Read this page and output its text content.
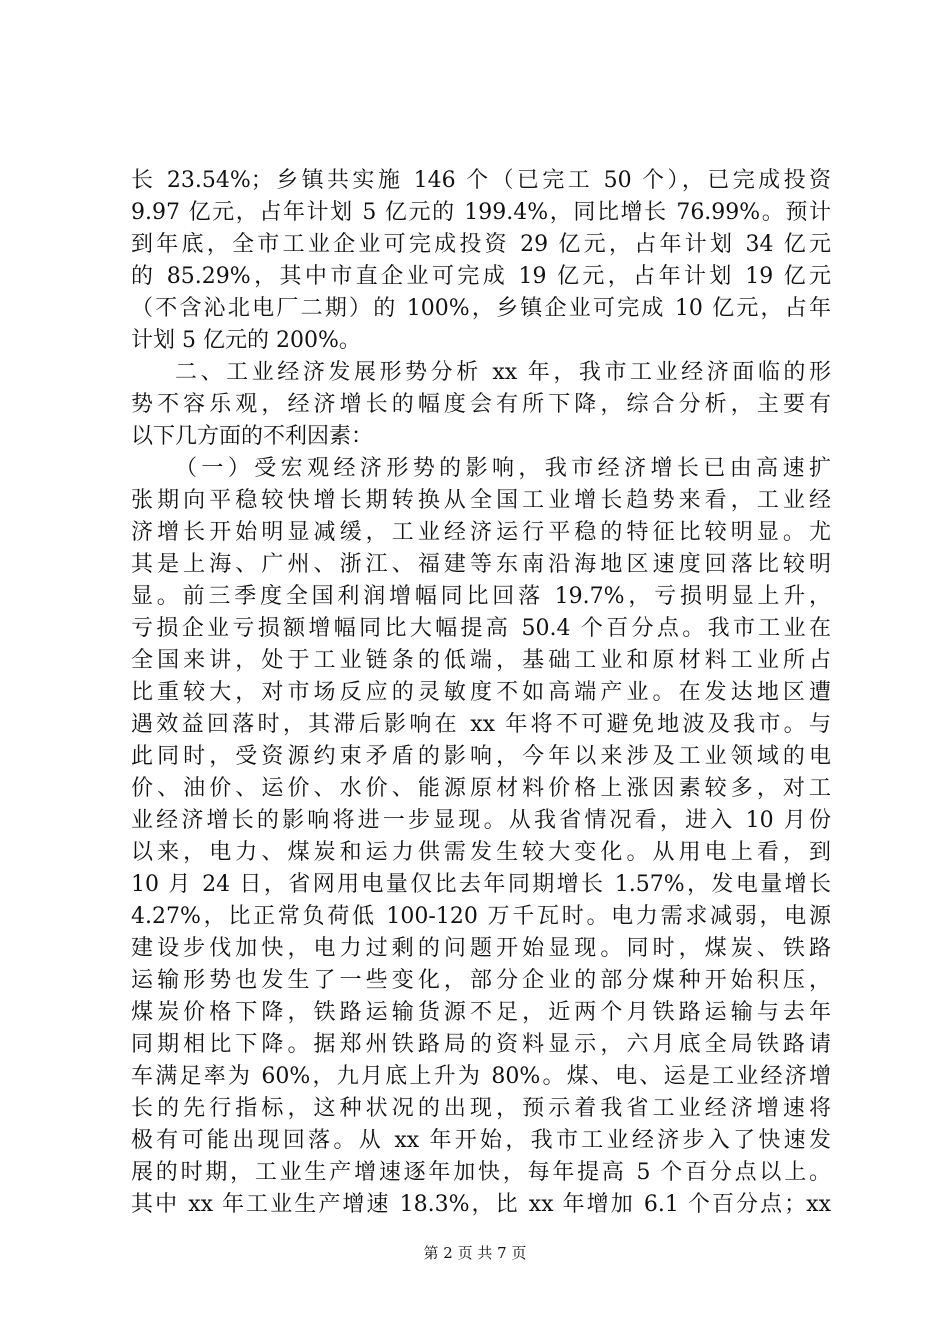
长 23.54%；乡镇共实施 146 个（已完工 50 个），已完成投资
9.97 亿元，占年计划 5 亿元的 199.4%，同比增长 76.99%。预计
到年底，全市工业企业可完成投资 29 亿元，占年计划 34 亿元
的 85.29%，其中市直企业可完成 19 亿元，占年计划 19 亿元
（不含沁北电厂二期）的 100%，乡镇企业可完成 10 亿元，占年
计划 5 亿元的 200%。
二、工业经济发展形势分析 xx 年，我市工业经济面临的形
势不容乐观，经济增长的幅度会有所下降，综合分析，主要有
以下几方面的不利因素：
（一）受宏观经济形势的影响，我市经济增长已由高速扩
张期向平稳较快增长期转换从全国工业增长趋势来看，工业经
济增长开始明显减缓，工业经济运行平稳的特征比较明显。尤
其是上海、广州、浙江、福建等东南沿海地区速度回落比较明
显。前三季度全国利润增幅同比回落 19.7%，亏损明显上升，
亏损企业亏损额增幅同比大幅提高 50.4 个百分点。我市工业在
全国来讲，处于工业链条的低端，基础工业和原材料工业所占
比重较大，对市场反应的灵敏度不如高端产业。在发达地区遭
遇效益回落时，其滞后影响在 xx 年将不可避免地波及我市。与
此同时，受资源约束矛盾的影响，今年以来涉及工业领域的电
价、油价、运价、水价、能源原材料价格上涨因素较多，对工
业经济增长的影响将进一步显现。从我省情况看，进入 10 月份
以来，电力、煤炭和运力供需发生较大变化。从用电上看，到
10 月 24 日，省网用电量仅比去年同期增长 1.57%，发电量增长
4.27%，比正常负荷低 100-120 万千瓦时。电力需求减弱，电源
建设步伐加快，电力过剩的问题开始显现。同时，煤炭、铁路
运输形势也发生了一些变化，部分企业的部分煤种开始积压，
煤炭价格下降，铁路运输货源不足，近两个月铁路运输与去年
同期相比下降。据郑州铁路局的资料显示，六月底全局铁路请
车满足率为 60%，九月底上升为 80%。煤、电、运是工业经济增
长的先行指标，这种状况的出现，预示着我省工业经济增速将
极有可能出现回落。从 xx 年开始，我市工业经济步入了快速发
展的时期，工业生产增速逐年加快，每年提高 5 个百分点以上。
其中 xx 年工业生产增速 18.3%，比 xx 年增加 6.1 个百分点；xx
第 2 页 共 7 页
